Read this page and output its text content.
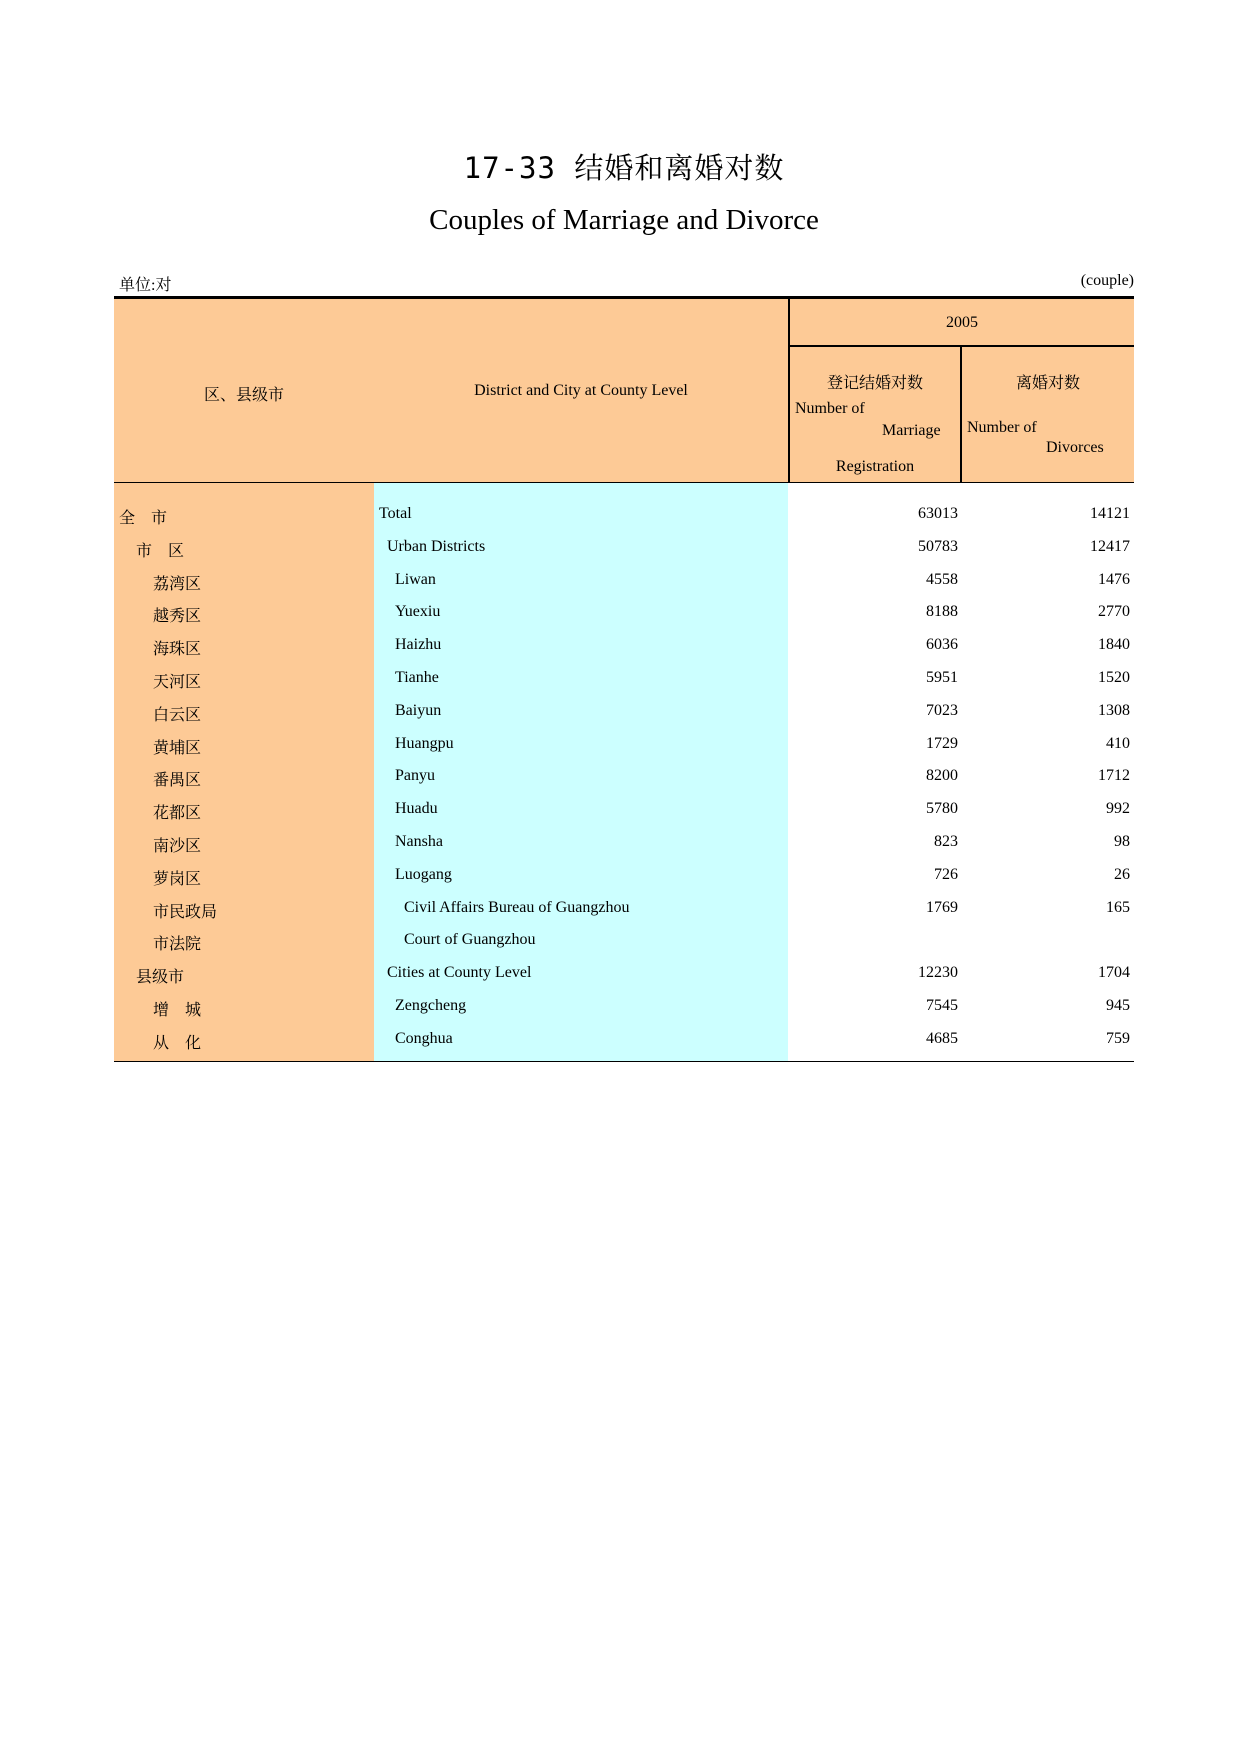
17-33 结婚和离婚对数
Couples of Marriage and Divorce
单位:对	(couple)
区、县级市	District and City at County Level
2005
登记结婚对数
Number of
Marriage
Registration
离婚对数
Number of
Divorces
全　市	Total	63013	14121
市　区	Urban Districts	50783	12417
荔湾区	Liwan	4558	1476
越秀区	Yuexiu	8188	2770
海珠区	Haizhu	6036	1840
天河区	Tianhe	5951	1520
白云区	Baiyun	7023	1308
黄埔区	Huangpu	1729	410
番禺区	Panyu	8200	1712
花都区	Huadu	5780	992
南沙区	Nansha	823	98
萝岗区	Luogang	726	26
市民政局	Civil Affairs Bureau of Guangzhou	1769	165
市法院	Court of Guangzhou
县级市	Cities at County Level	12230	1704
增　城	Zengcheng	7545	945
从　化	Conghua	4685	759
